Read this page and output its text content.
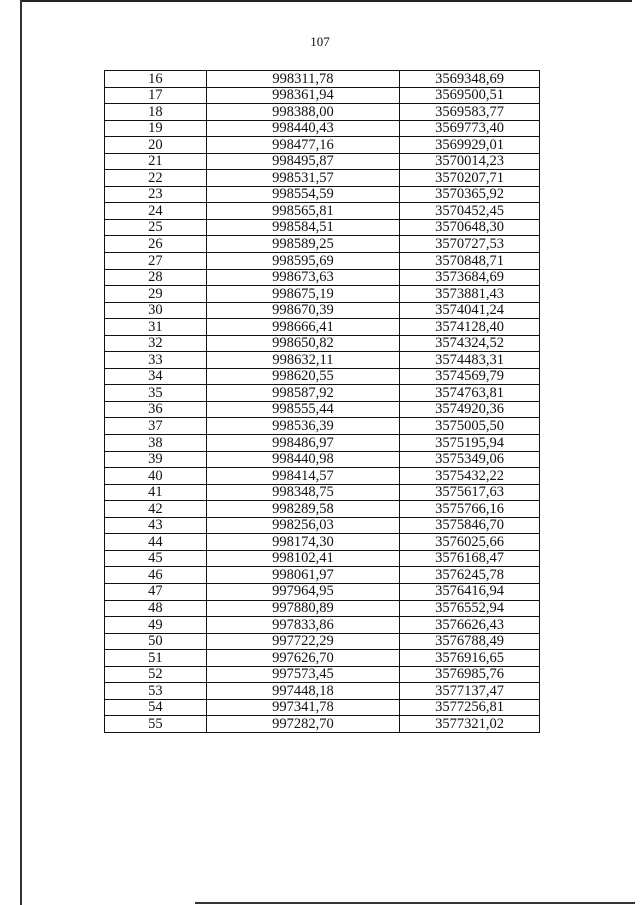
107
16	998311,78	3569348,69
17	998361,94	3569500,51
18	998388,00	3569583,77
19	998440,43	3569773,40
20	998477,16	3569929,01
21	998495,87	3570014,23
22	998531,57	3570207,71
23	998554,59	3570365,92
24	998565,81	3570452,45
25	998584,51	3570648,30
26	998589,25	3570727,53
27	998595,69	3570848,71
28	998673,63	3573684,69
29	998675,19	3573881,43
30	998670,39	3574041,24
31	998666,41	3574128,40
32	998650,82	3574324,52
33	998632,11	3574483,31
34	998620,55	3574569,79
35	998587,92	3574763,81
36	998555,44	3574920,36
37	998536,39	3575005,50
38	998486,97	3575195,94
39	998440,98	3575349,06
40	998414,57	3575432,22
41	998348,75	3575617,63
42	998289,58	3575766,16
43	998256,03	3575846,70
44	998174,30	3576025,66
45	998102,41	3576168,47
46	998061,97	3576245,78
47	997964,95	3576416,94
48	997880,89	3576552,94
49	997833,86	3576626,43
50	997722,29	3576788,49
51	997626,70	3576916,65
52	997573,45	3576985,76
53	997448,18	3577137,47
54	997341,78	3577256,81
55	997282,70	3577321,02
